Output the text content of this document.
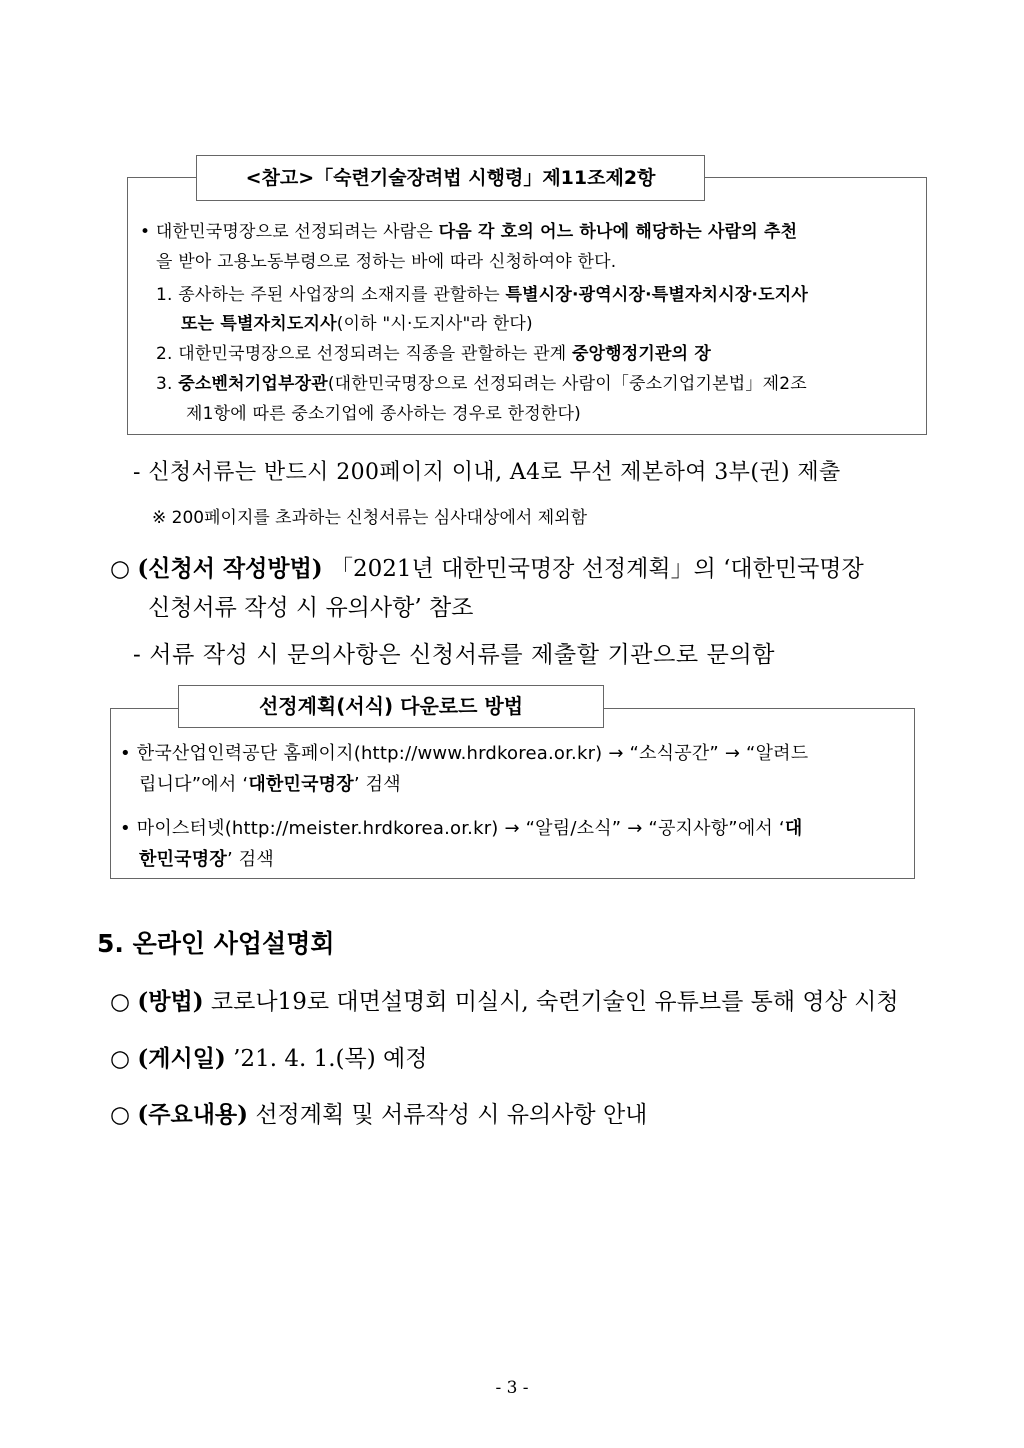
<참고>「숙련기술장려법 시행령」제11조제2항
• 대한민국명장으로 선정되려는 사람은 다음 각 호의 어느 하나에 해당하는 사람의 추천
을 받아 고용노동부령으로 정하는 바에 따라 신청하여야 한다.
1. 종사하는 주된 사업장의 소재지를 관할하는 특별시장·광역시장·특별자치시장·도지사
또는 특별자치도지사(이하 "시·도지사"라 한다)
2. 대한민국명장으로 선정되려는 직종을 관할하는 관계 중앙행정기관의 장
3. 중소벤처기업부장관(대한민국명장으로 선정되려는 사람이「중소기업기본법」제2조
제1항에 따른 중소기업에 종사하는 경우로 한정한다)
- 신청서류는 반드시 200페이지 이내, A4로 무선 제본하여 3부(권) 제출
※ 200페이지를 초과하는 신청서류는 심사대상에서 제외함
○ (신청서 작성방법) 「2021년 대한민국명장 선정계획」의 ‘대한민국명장
신청서류 작성 시 유의사항’ 참조
- 서류 작성 시 문의사항은 신청서류를 제출할 기관으로 문의함
선정계획(서식) 다운로드 방법
• 한국산업인력공단 홈페이지(http://www.hrdkorea.or.kr) → “소식공간” → “알려드
립니다”에서 ‘대한민국명장’ 검색
• 마이스터넷(http://meister.hrdkorea.or.kr) → “알림/소식” → “공지사항”에서 ‘대
한민국명장’ 검색
5. 온라인 사업설명회
○ (방법) 코로나19로 대면설명회 미실시, 숙련기술인 유튜브를 통해 영상 시청
○ (게시일) ’21. 4. 1.(목) 예정
○ (주요내용) 선정계획 및 서류작성 시 유의사항 안내
- 3 -
